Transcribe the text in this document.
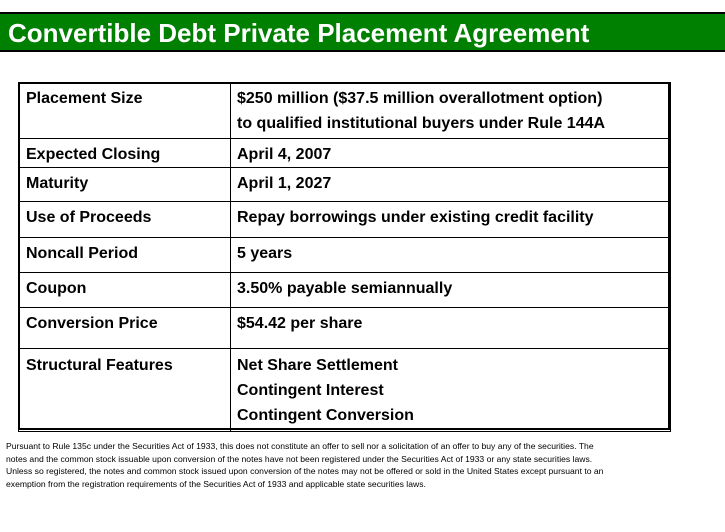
Convertible Debt Private Placement Agreement
Placement Size	$250 million ($37.5 million overallotment option)
to qualified institutional buyers under Rule 144A

Expected Closing	April 4, 2007

Maturity	April 1, 2027

Use of Proceeds	Repay borrowings under existing credit facility

Noncall Period	5 years

Coupon	3.50% payable semiannually

Conversion Price	$54.42 per share

Structural Features	Net Share Settlement
Contingent Interest
Contingent Conversion
Pursuant to Rule 135c under the Securities Act of 1933, this does not constitute an offer to sell nor a solicitation of an offer to buy any of the securities. The
notes and the common stock issuable upon conversion of the notes have not been registered under the Securities Act of 1933 or any state securities laws.
Unless so registered, the notes and common stock issued upon conversion of the notes may not be offered or sold in the United States except pursuant to an
exemption from the registration requirements of the Securities Act of 1933 and applicable state securities laws.
